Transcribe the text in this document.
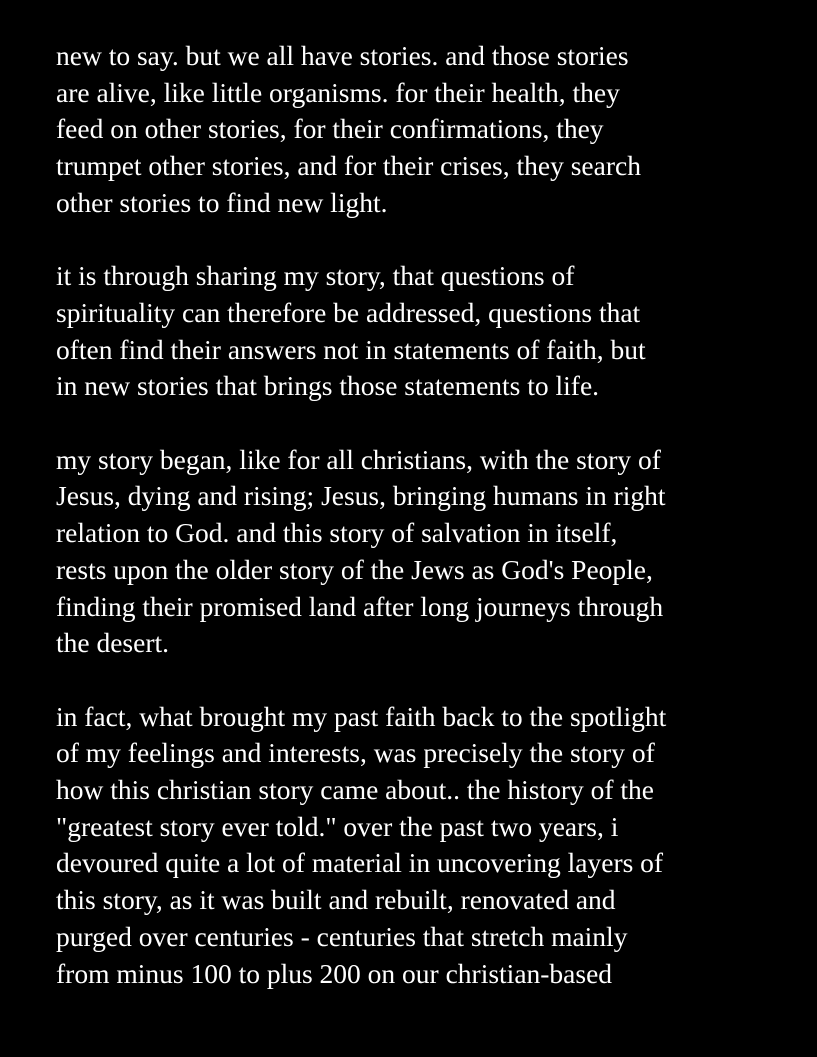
new to say. but we all have stories. and those stories
are alive, like little organisms. for their health, they
feed on other stories, for their confirmations, they
trumpet other stories, and for their crises, they search
other stories to find new light.

it is through sharing my story, that questions of
spirituality can therefore be addressed, questions that
often find their answers not in statements of faith, but
in new stories that brings those statements to life.

my story began, like for all christians, with the story of
Jesus, dying and rising; Jesus, bringing humans in right
relation to God. and this story of salvation in itself,
rests upon the older story of the Jews as God's People,
finding their promised land after long journeys through
the desert.

in fact, what brought my past faith back to the spotlight
of my feelings and interests, was precisely the story of
how this christian story came about.. the history of the
"greatest story ever told." over the past two years, i
devoured quite a lot of material in uncovering layers of
this story, as it was built and rebuilt, renovated and
purged over centuries - centuries that stretch mainly
from minus 100 to plus 200 on our christian-based
